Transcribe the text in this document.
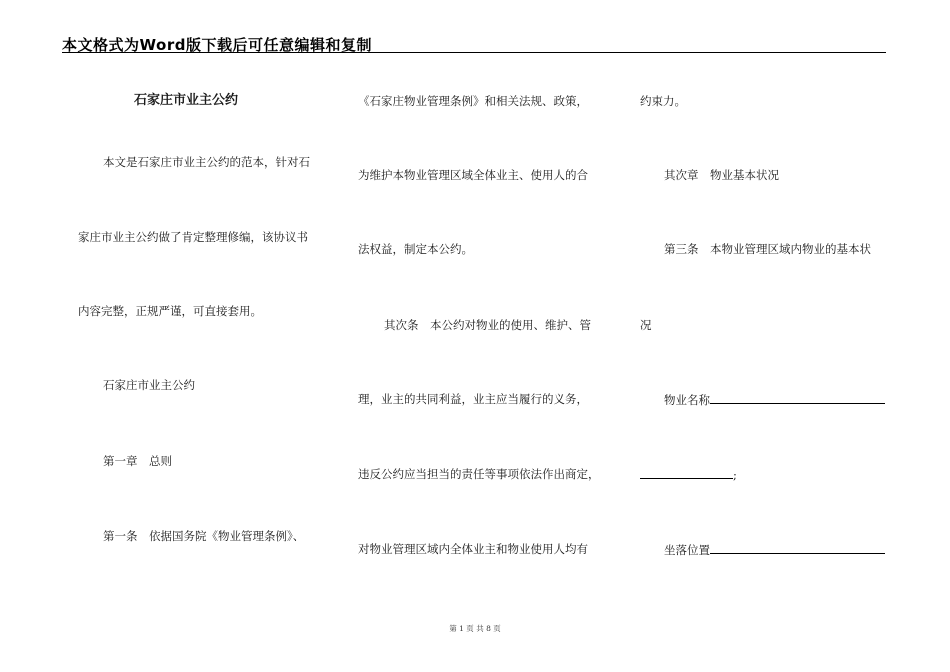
本文格式为Word版下载后可任意编辑和复制
石家庄市业主公约
本文是石家庄市业主公约的范本，针对石
家庄市业主公约做了肯定整理修编，该协议书
内容完整，正规严谨，可直接套用。
石家庄市业主公约
第一章　总则
第一条　依据国务院《物业管理条例》、
《石家庄物业管理条例》和相关法规、政策，
为维护本物业管理区域全体业主、使用人的合
法权益，制定本公约。
其次条　本公约对物业的使用、维护、管
理，业主的共同利益，业主应当履行的义务，
违反公约应当担当的责任等事项依法作出商定，
对物业管理区域内全体业主和物业使用人均有
约束力。
其次章　物业基本状况
第三条　本物业管理区域内物业的基本状
况
物业名称
;
坐落位置
第 1 页 共 8 页
